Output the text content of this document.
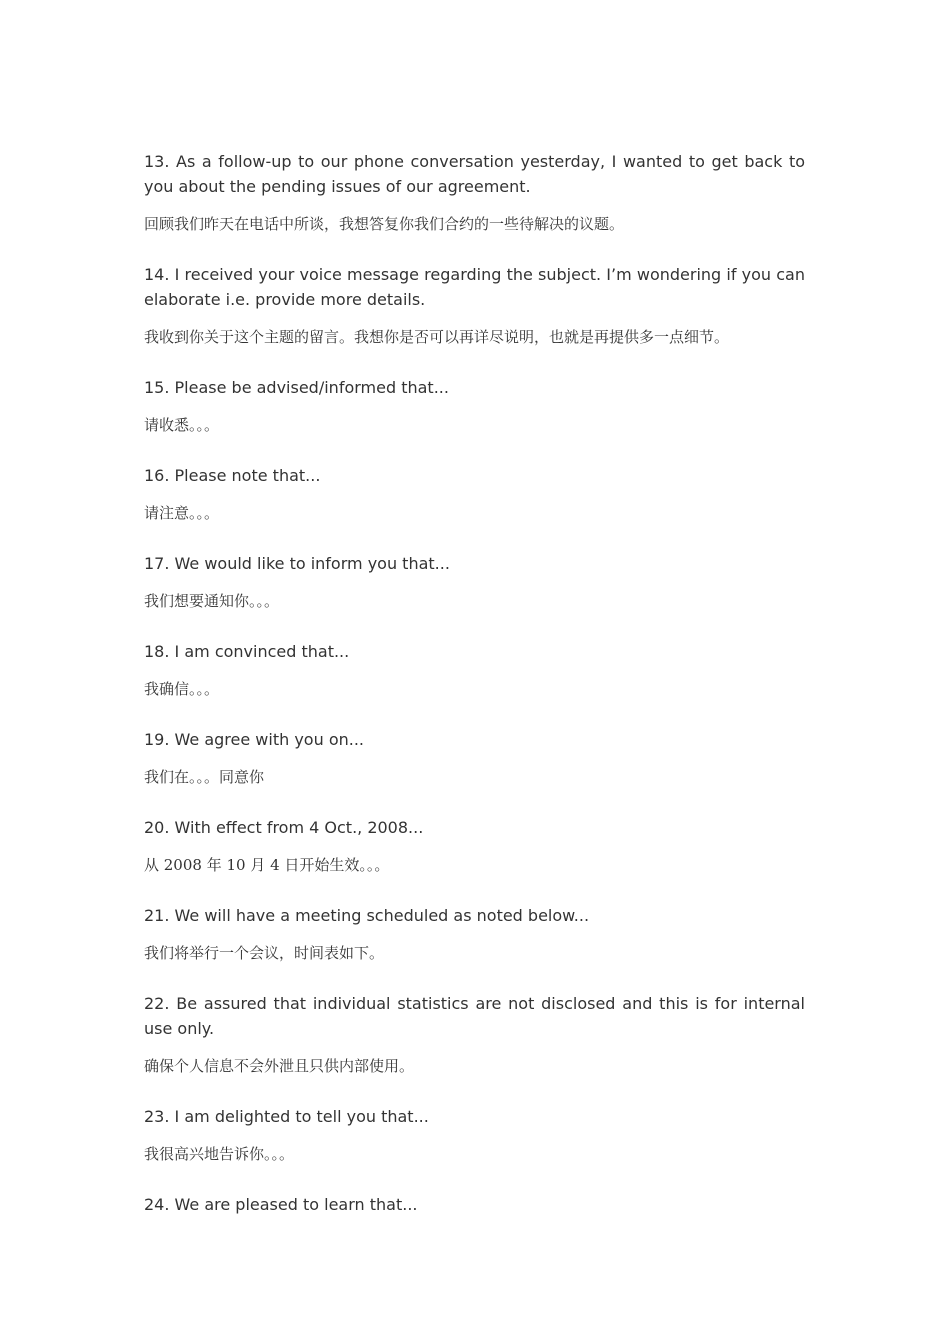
13. As a follow-up to our phone conversation yesterday, I wanted to get back to you about the pending issues of our agreement.

回顾我们昨天在电话中所谈，我想答复你我们合约的一些待解决的议题。

14. I received your voice message regarding the subject. I’m wondering if you can elaborate i.e. provide more details.

我收到你关于这个主题的留言。我想你是否可以再详尽说明，也就是再提供多一点细节。

15. Please be advised/informed that...

请收悉。。。

16. Please note that...

请注意。。。

17. We would like to inform you that...

我们想要通知你。。。

18. I am convinced that...

我确信。。。

19. We agree with you on...

我们在。。。同意你

20. With effect from 4 Oct., 2008...

从 2008 年 10 月 4 日开始生效。。。

21. We will have a meeting scheduled as noted below...

我们将举行一个会议，时间表如下。

22. Be assured that individual statistics are not disclosed and this is for internal use only.

确保个人信息不会外泄且只供内部使用。

23. I am delighted to tell you that...

我很高兴地告诉你。。。

24. We are pleased to learn that...
